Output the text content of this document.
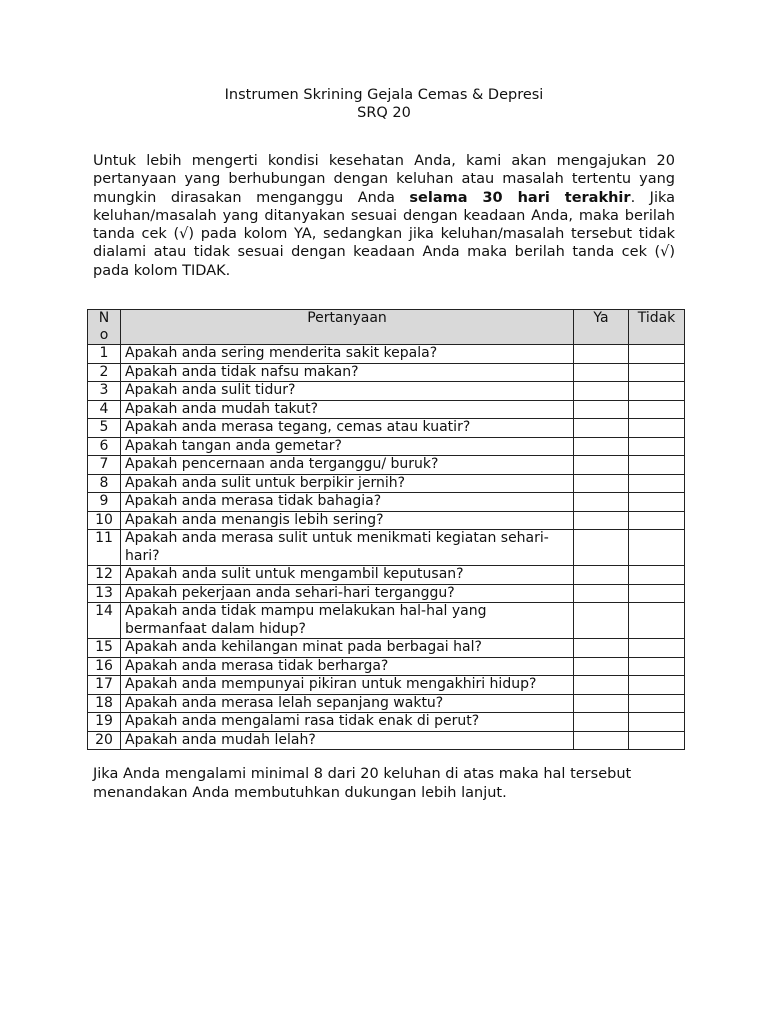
Instrumen Skrining Gejala Cemas & Depresi
SRQ 20
Untuk lebih mengerti kondisi kesehatan Anda, kami akan mengajukan 20 pertanyaan yang berhubungan dengan keluhan atau masalah tertentu yang mungkin dirasakan menganggu Anda selama 30 hari terakhir. Jika keluhan/masalah yang ditanyakan sesuai dengan keadaan Anda, maka berilah tanda cek (√) pada kolom YA, sedangkan jika keluhan/masalah tersebut tidak dialami atau tidak sesuai dengan keadaan Anda maka berilah tanda cek (√) pada kolom TIDAK.
No	Pertanyaan	Ya	Tidak
1	Apakah anda sering menderita sakit kepala?		
2	Apakah anda tidak nafsu makan?		
3	Apakah anda sulit tidur?		
4	Apakah anda mudah takut?		
5	Apakah anda merasa tegang, cemas atau kuatir?		
6	Apakah tangan anda gemetar?		
7	Apakah pencernaan anda terganggu/ buruk?		
8	Apakah anda sulit untuk berpikir jernih?		
9	Apakah anda merasa tidak bahagia?		
10	Apakah anda menangis lebih sering?		
11	Apakah anda merasa sulit untuk menikmati kegiatan sehari-hari?		
12	Apakah anda sulit untuk mengambil keputusan?		
13	Apakah pekerjaan anda sehari-hari terganggu?		
14	Apakah anda tidak mampu melakukan hal-hal yang bermanfaat dalam hidup?		
15	Apakah anda kehilangan minat pada berbagai hal?		
16	Apakah anda merasa tidak berharga?		
17	Apakah anda mempunyai pikiran untuk mengakhiri hidup?		
18	Apakah anda merasa lelah sepanjang waktu?		
19	Apakah anda mengalami rasa tidak enak di perut?		
20	Apakah anda mudah lelah?		
Jika Anda mengalami minimal 8 dari 20 keluhan di atas maka hal tersebut menandakan Anda membutuhkan dukungan lebih lanjut.
